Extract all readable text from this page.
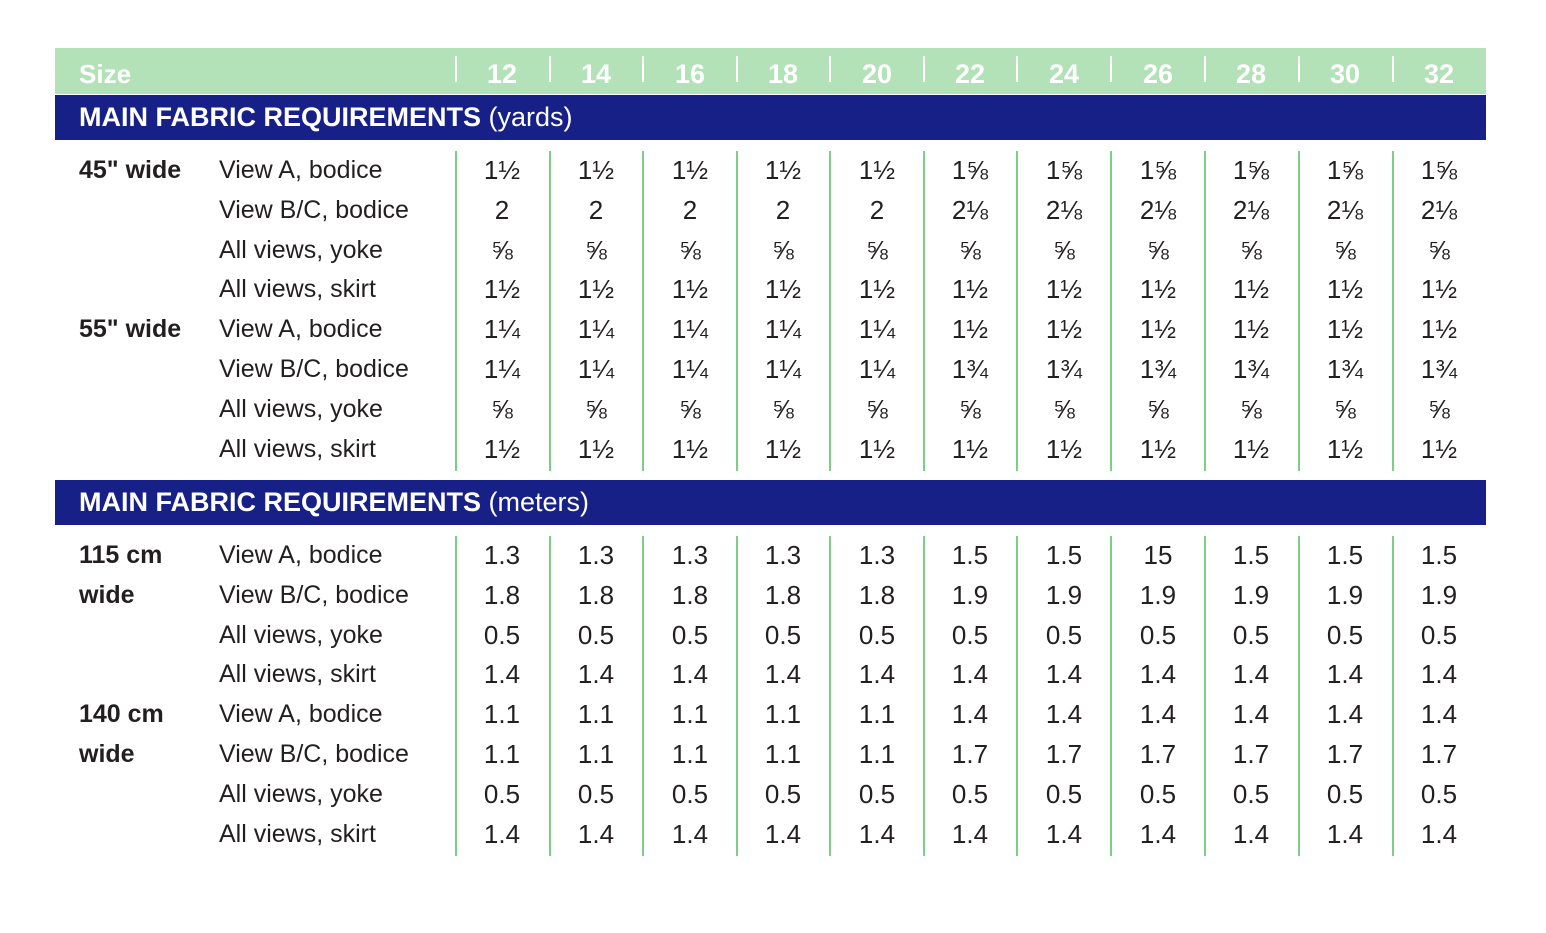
Size	12	14	16	18	20	22	24	26	28	30	32
MAIN FABRIC REQUIREMENTS (yards)
45" wide View A, bodice	1½	1½	1½	1½	1½	1⅝	1⅝	1⅝	1⅝	1⅝	1⅝
View B/C, bodice	2	2	2	2	2	2⅛	2⅛	2⅛	2⅛	2⅛	2⅛
All views, yoke	⅝	⅝	⅝	⅝	⅝	⅝	⅝	⅝	⅝	⅝	⅝
All views, skirt	1½	1½	1½	1½	1½	1½	1½	1½	1½	1½	1½
55" wide View A, bodice	1¼	1¼	1¼	1¼	1¼	1½	1½	1½	1½	1½	1½
View B/C, bodice	1¼	1¼	1¼	1¼	1¼	1¾	1¾	1¾	1¾	1¾	1¾
All views, yoke	⅝	⅝	⅝	⅝	⅝	⅝	⅝	⅝	⅝	⅝	⅝
All views, skirt	1½	1½	1½	1½	1½	1½	1½	1½	1½	1½	1½
MAIN FABRIC REQUIREMENTS (meters)
115 cm
wide
View A, bodice	1.3	1.3	1.3	1.3	1.3	1.5	1.5	15	1.5	1.5	1.5
View B/C, bodice	1.8	1.8	1.8	1.8	1.8	1.9	1.9	1.9	1.9	1.9	1.9
All views, yoke	0.5	0.5	0.5	0.5	0.5	0.5	0.5	0.5	0.5	0.5	0.5
All views, skirt	1.4	1.4	1.4	1.4	1.4	1.4	1.4	1.4	1.4	1.4	1.4
140 cm
wide
View A, bodice	1.1	1.1	1.1	1.1	1.1	1.4	1.4	1.4	1.4	1.4	1.4
View B/C, bodice	1.1	1.1	1.1	1.1	1.1	1.7	1.7	1.7	1.7	1.7	1.7
All views, yoke	0.5	0.5	0.5	0.5	0.5	0.5	0.5	0.5	0.5	0.5	0.5
All views, skirt	1.4	1.4	1.4	1.4	1.4	1.4	1.4	1.4	1.4	1.4	1.4
